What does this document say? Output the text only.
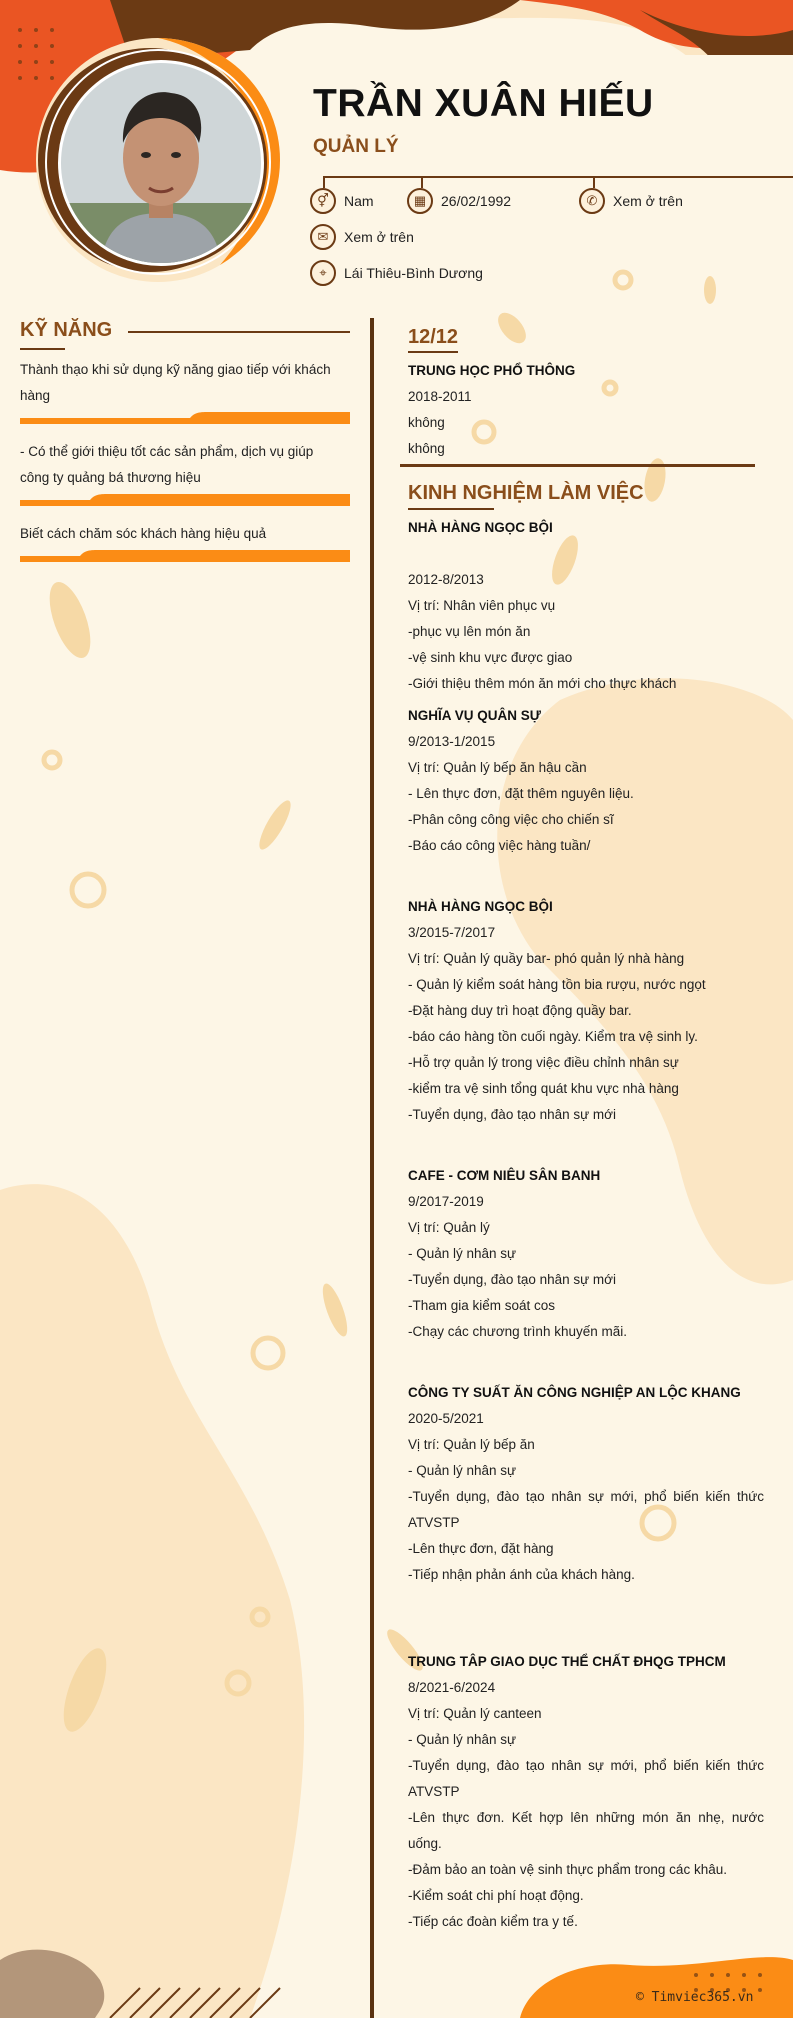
TRẦN XUÂN HIẾU
QUẢN LÝ
⚥	Nam	▦	26/02/1992	✆	Xem ở trên
✉	Xem ở trên
⌖	Lái Thiêu-Bình Dương
KỸ NĂNG
Thành thạo khi sử dụng kỹ năng giao tiếp với khách hàng
- Có thể giới thiệu tốt các sản phẩm, dịch vụ giúp công ty quảng bá thương hiệu
Biết cách chăm sóc khách hàng hiệu quả
12/12
TRUNG HỌC PHỔ THÔNG
2018-2011
không
không
KINH NGHIỆM LÀM VIỆC
NHÀ HÀNG NGỌC BỘI

2012-8/2013
Vị trí: Nhân viên phục vụ
-phục vụ lên món ăn
-vệ sinh khu vực được giao
-Giới thiệu thêm món ăn mới cho thực khách
NGHĨA VỤ QUÂN SỰ
9/2013-1/2015
Vị trí: Quản lý bếp ăn hậu cần
- Lên thực đơn, đặt thêm nguyên liệu.
-Phân công công việc cho chiến sĩ
-Báo cáo công việc hàng tuần/
NHÀ HÀNG NGỌC BỘI
3/2015-7/2017
Vị trí: Quản lý quầy bar- phó quản lý nhà hàng
- Quản lý kiểm soát hàng tồn bia rượu, nước ngọt
-Đặt hàng duy trì hoạt động quầy bar.
-báo cáo hàng tồn cuối ngày. Kiểm tra vệ sinh ly.
-Hỗ trợ quản lý trong việc điều chỉnh nhân sự
-kiểm tra vệ sinh tổng quát khu vực nhà hàng
-Tuyển dụng, đào tạo nhân sự mới
CAFE - CƠM NIÊU SÂN BANH
9/2017-2019
Vị trí: Quản lý
- Quản lý nhân sự
-Tuyển dụng, đào tạo nhân sự mới
-Tham gia kiểm soát cos
-Chạy các chương trình khuyến mãi.
CÔNG TY SUẤT ĂN CÔNG NGHIỆP AN LỘC KHANG
2020-5/2021
Vị trí: Quản lý bếp ăn
- Quản lý nhân sự
-Tuyển dụng, đào tạo nhân sự mới, phổ biến kiến thức ATVSTP
-Lên thực đơn, đặt hàng
-Tiếp nhận phản ánh của khách hàng.
TRUNG TÂP GIAO DỤC THỂ CHẤT ĐHQG TPHCM
8/2021-6/2024
Vị trí: Quản lý canteen
- Quản lý nhân sự
-Tuyển dụng, đào tạo nhân sự mới, phổ biến kiến thức ATVSTP
-Lên thực đơn. Kết hợp lên những món ăn nhẹ, nước uống.
-Đảm bảo an toàn vệ sinh thực phẩm trong các khâu.
-Kiểm soát chi phí hoạt động.
-Tiếp các đoàn kiểm tra y tế.
© Timviec365.vn
